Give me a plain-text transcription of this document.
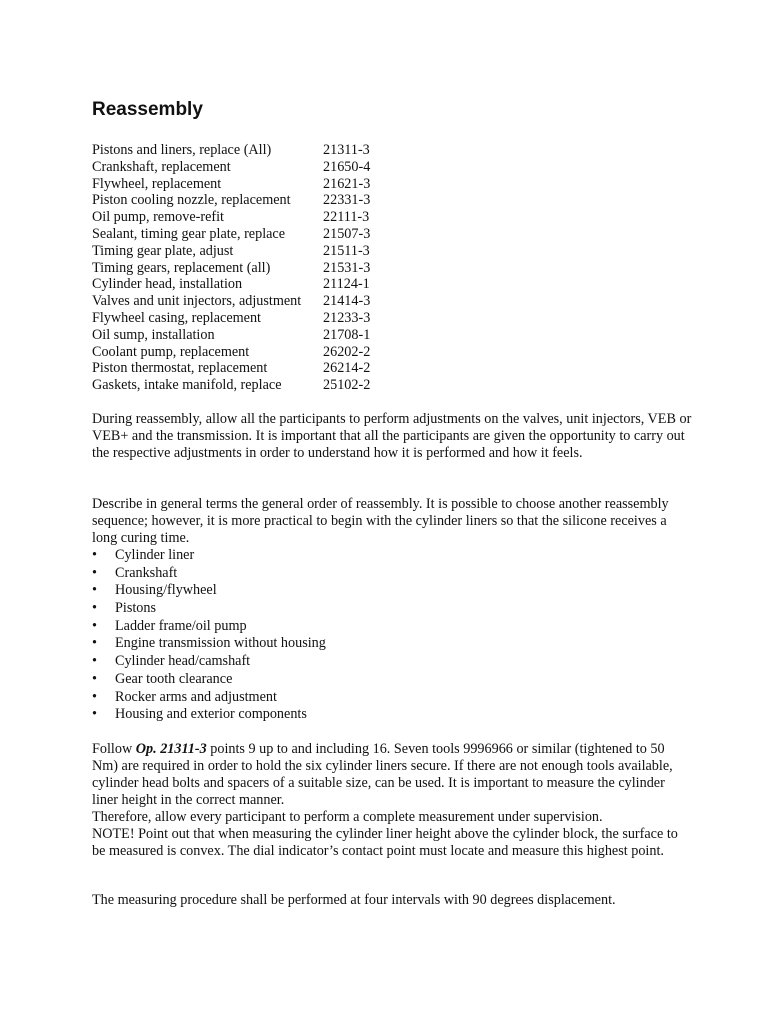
Reassembly
Pistons and liners, replace (All)	21311-3
Crankshaft, replacement	21650-4
Flywheel, replacement	21621-3
Piston cooling nozzle, replacement 22331-3
Oil pump, remove-refit	22111-3
Sealant, timing gear plate, replace	21507-3
Timing gear plate, adjust	21511-3
Timing gears, replacement (all)	21531-3
Cylinder head, installation	21124-1
Valves and unit injectors, adjustment 21414-3
Flywheel casing, replacement	21233-3
Oil sump, installation	21708-1
Coolant pump, replacement	26202-2
Piston thermostat, replacement	26214-2
Gaskets, intake manifold, replace	25102-2

During reassembly, allow all the participants to perform adjustments on the valves, unit injectors, VEB or VEB+ and the transmission. It is important that all the participants are given the opportunity to carry out the respective adjustments in order to understand how it is performed and how it feels.

Describe in general terms the general order of reassembly. It is possible to choose another reassembly sequence; however, it is more practical to begin with the cylinder liners so that the silicone receives a long curing time.

• Cylinder liner
• Crankshaft
• Housing/flywheel
• Pistons
• Ladder frame/oil pump
• Engine transmission without housing
• Cylinder head/camshaft
• Gear tooth clearance
• Rocker arms and adjustment
• Housing and exterior components

Follow Op. 21311-3 points 9 up to and including 16. Seven tools 9996966 or similar (tightened to 50 Nm) are required in order to hold the six cylinder liners secure. If there are not enough tools available, cylinder head bolts and spacers of a suitable size, can be used. It is important to measure the cylinder liner height in the correct manner.
Therefore, allow every participant to perform a complete measurement under supervision.
NOTE! Point out that when measuring the cylinder liner height above the cylinder block, the surface to be measured is convex. The dial indicator’s contact point must locate and measure this highest point.

The measuring procedure shall be performed at four intervals with 90 degrees displacement.
